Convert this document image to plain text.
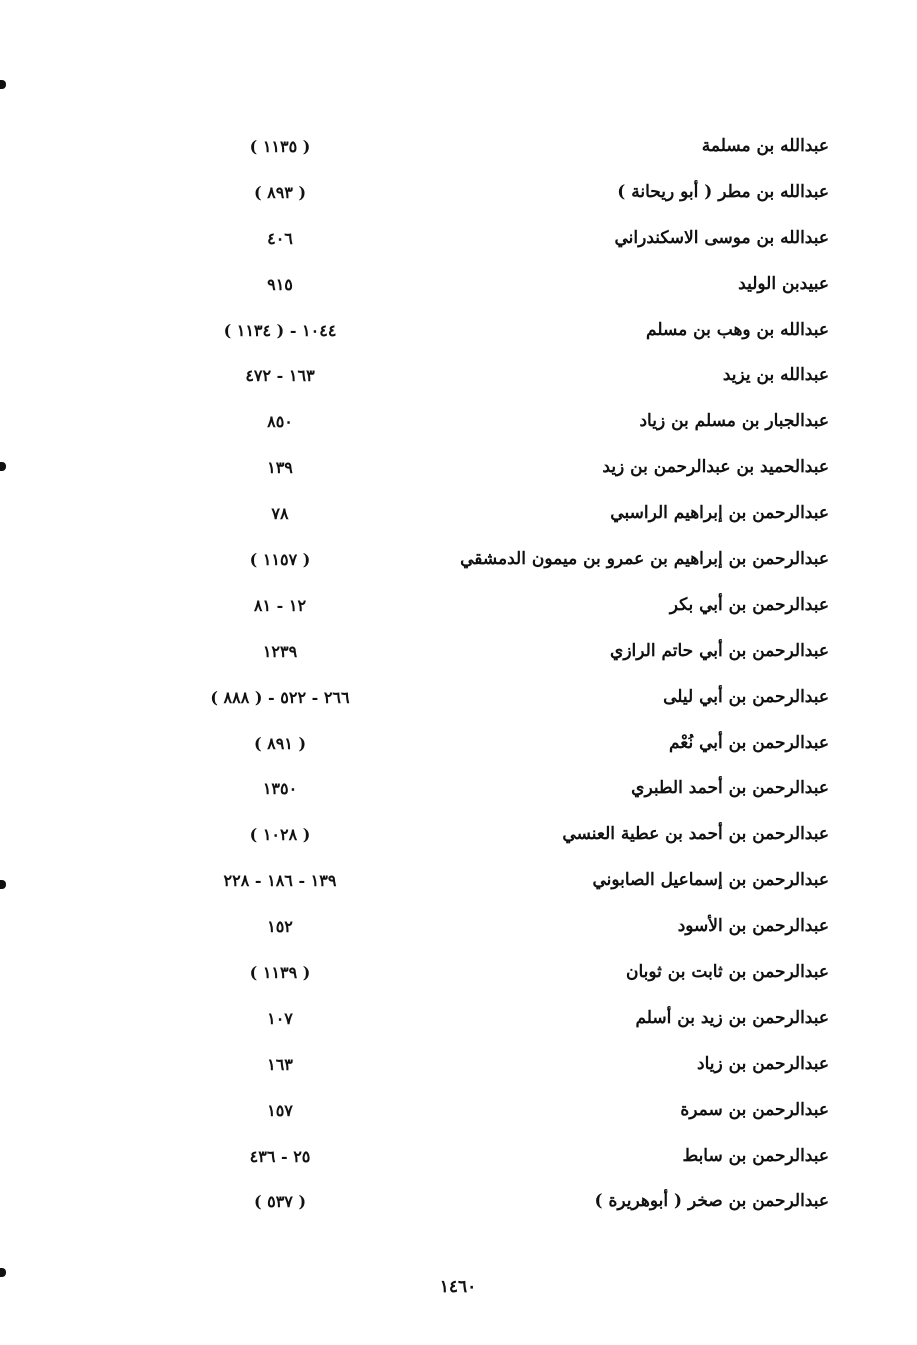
عبدالله بن مسلمة
( ١١٣٥ )
عبدالله بن مطر ( أبو ريحانة )
( ٨٩٣ )
عبدالله بن موسى الاسكندراني
٤٠٦
عبيدبن الوليد
٩١٥
عبدالله بن وهب بن مسلم
١٠٤٤ - ( ١١٣٤ )
عبدالله بن يزيد
١٦٣ - ٤٧٢
عبدالجبار بن مسلم بن زياد
٨٥٠
عبدالحميد بن عبدالرحمن بن زيد
١٣٩
عبدالرحمن بن إبراهيم الراسبي
٧٨
عبدالرحمن بن إبراهيم بن عمرو بن ميمون الدمشقي
( ١١٥٧ )
عبدالرحمن بن أبي بكر
١٢ - ٨١
عبدالرحمن بن أبي حاتم الرازي
١٢٣٩
عبدالرحمن بن أبي ليلى
٢٦٦ - ٥٢٢ - ( ٨٨٨ )
عبدالرحمن بن أبي نُعْم
( ٨٩١ )
عبدالرحمن بن أحمد الطبري
١٣٥٠
عبدالرحمن بن أحمد بن عطية العنسي
( ١٠٢٨ )
عبدالرحمن بن إسماعيل الصابوني
١٣٩ - ١٨٦ - ٢٢٨
عبدالرحمن بن الأسود
١٥٢
عبدالرحمن بن ثابت بن ثوبان
( ١١٣٩ )
عبدالرحمن بن زيد بن أسلم
١٠٧
عبدالرحمن بن زياد
١٦٣
عبدالرحمن بن سمرة
١٥٧
عبدالرحمن بن سابط
٢٥ - ٤٣٦
عبدالرحمن بن صخر ( أبوهريرة )
( ٥٣٧ )
١٤٦٠
